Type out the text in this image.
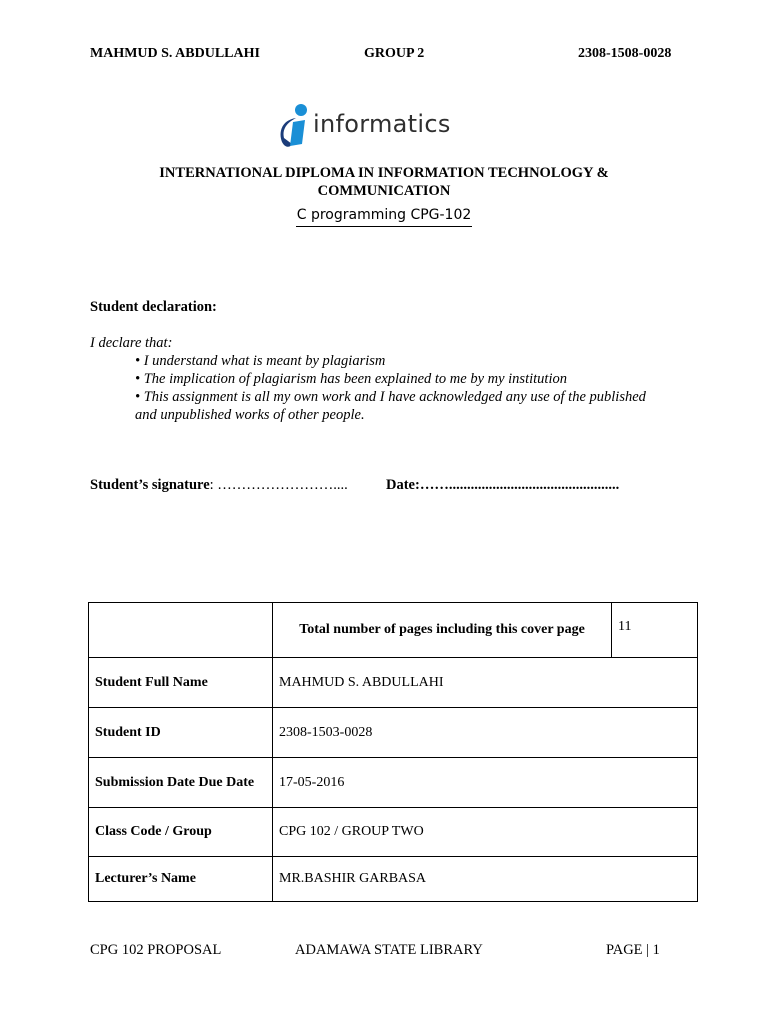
MAHMUD S. ABDULLAHI	GROUP 2	2308-1508-0028
informatics
INTERNATIONAL DIPLOMA IN INFORMATION TECHNOLOGY &
COMMUNICATION
C programming CPG-102
Student declaration:
I declare that:
• I understand what is meant by plagiarism
• The implication of plagiarism has been explained to me by my institution
• This assignment is all my own work and I have acknowledged any use of the published
and unpublished works of other people.
Student’s signature: ……………………....	Date:……...............................................
	Total number of pages including this cover page	11
Student Full Name	MAHMUD S. ABDULLAHI	
Student ID	2308-1503-0028	
Submission Date Due Date	17-05-2016	
Class Code / Group	CPG 102 / GROUP TWO	
Lecturer’s Name	MR.BASHIR GARBASA	
CPG 102 PROPOSAL	ADAMAWA STATE LIBRARY	PAGE | 1
